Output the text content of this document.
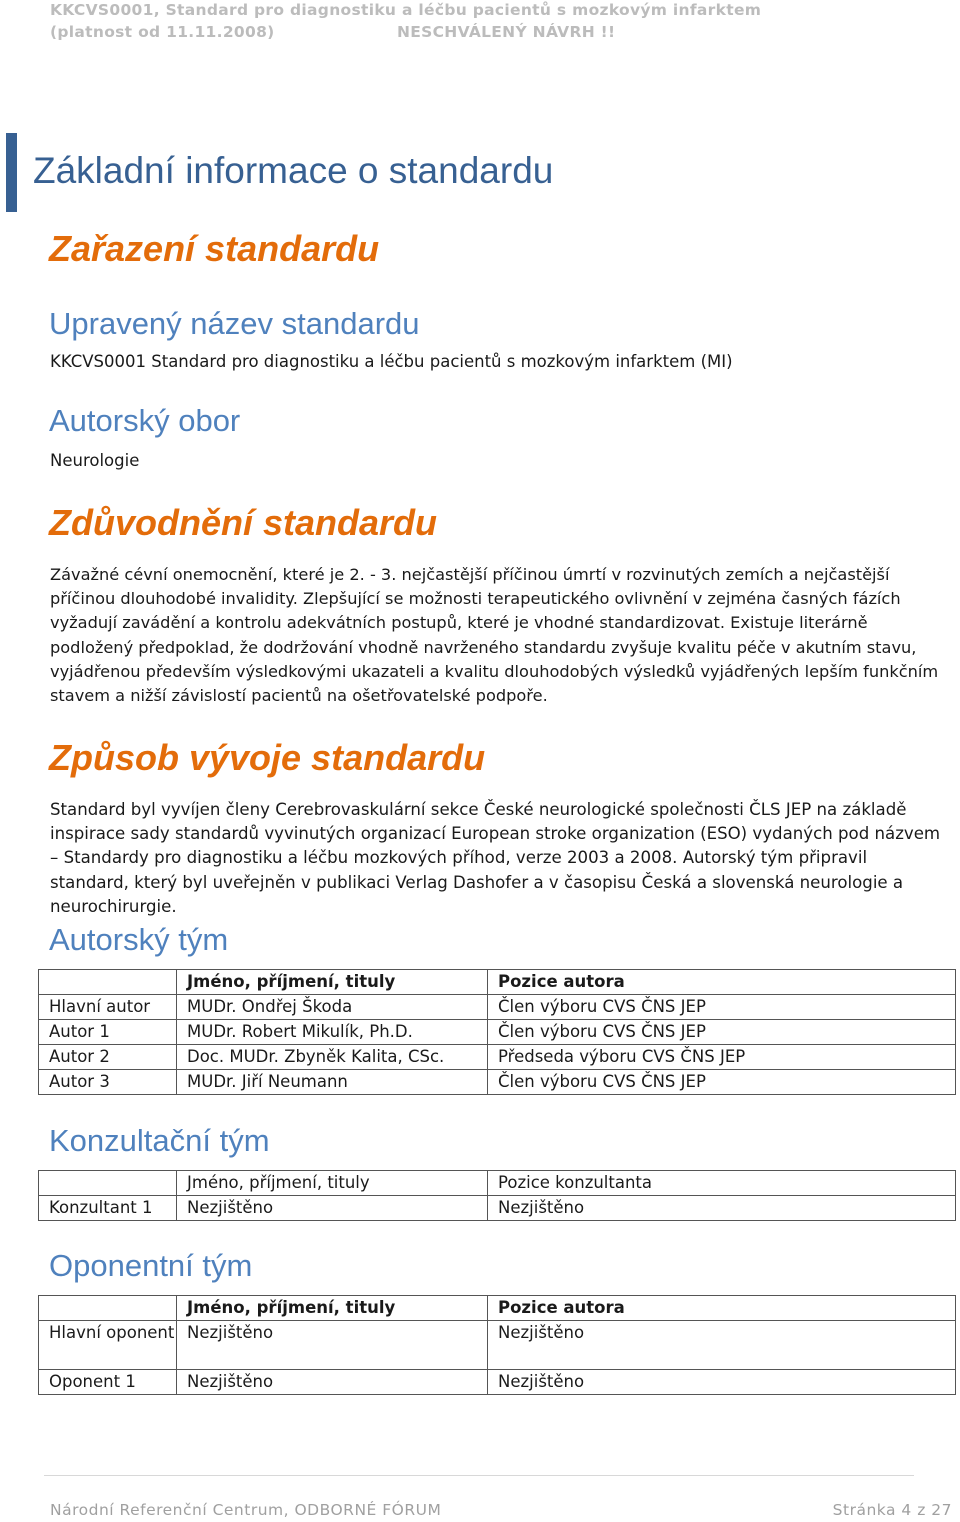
KKCVS0001, Standard pro diagnostiku a léčbu pacientů s mozkovým infarktem
(platnost od 11.11.2008)	NESCHVÁLENÝ NÁVRH !!
Základní informace o standardu
Zařazení standardu
Upravený název standardu
KKCVS0001 Standard pro diagnostiku a léčbu pacientů s mozkovým infarktem (MI)
Autorský obor
Neurologie
Zdůvodnění standardu
Závažné cévní onemocnění, které je 2. - 3. nejčastější příčinou úmrtí v rozvinutých zemích a nejčastější příčinou dlouhodobé invalidity. Zlepšující se možnosti terapeutického ovlivnění v zejména časných fázích vyžadují zavádění a kontrolu adekvátních postupů, které je vhodné standardizovat. Existuje literárně podložený předpoklad, že dodržování vhodně navrženého standardu zvyšuje kvalitu péče v akutním stavu, vyjádřenou především výsledkovými ukazateli a kvalitu dlouhodobých výsledků vyjádřených lepším funkčním stavem a nižší závislostí pacientů na ošetřovatelské podpoře.
Způsob vývoje standardu
Standard byl vyvíjen členy Cerebrovaskulární sekce České neurologické společnosti ČLS JEP na základě inspirace sady standardů vyvinutých organizací European stroke organization (ESO) vydaných pod názvem – Standardy pro diagnostiku a léčbu mozkových příhod, verze 2003 a 2008. Autorský tým připravil standard, který byl uveřejněn v publikaci Verlag Dashofer a v časopisu Česká a slovenská neurologie a neurochirurgie.
Autorský tým
	Jméno, příjmení, tituly	Pozice autora
Hlavní autor	MUDr. Ondřej Škoda	Člen výboru CVS ČNS JEP
Autor 1	MUDr. Robert Mikulík, Ph.D.	Člen výboru CVS ČNS JEP
Autor 2	Doc. MUDr. Zbyněk Kalita, CSc.	Předseda výboru CVS ČNS JEP
Autor 3	MUDr. Jiří Neumann	Člen výboru CVS ČNS JEP
Konzultační tým
	Jméno, příjmení, tituly	Pozice konzultanta
Konzultant 1	Nezjištěno	Nezjištěno
Oponentní tým
	Jméno, příjmení, tituly	Pozice autora
Hlavní oponent	Nezjištěno	Nezjištěno
Oponent 1	Nezjištěno	Nezjištěno
Národní Referenční Centrum, ODBORNÉ FÓRUM	Stránka 4 z 27
